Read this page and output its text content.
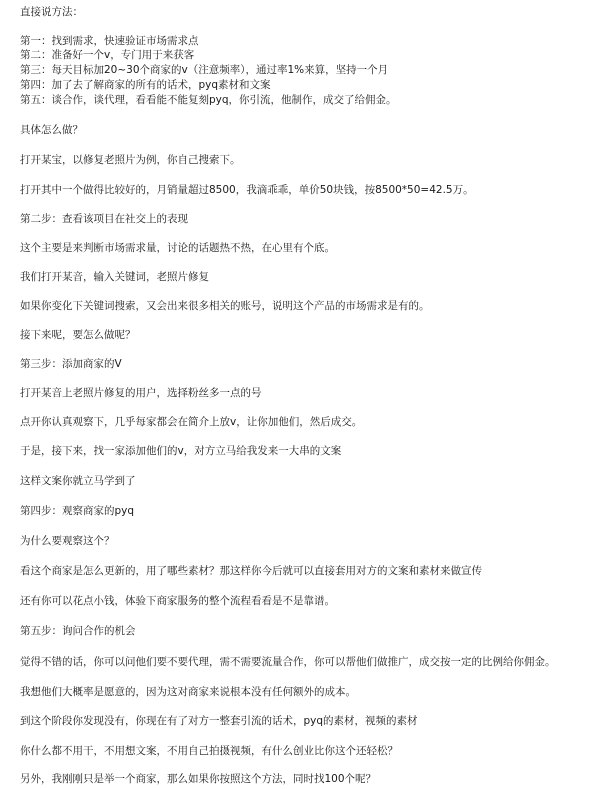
直接说方法：
第一：找到需求，快速验证市场需求点
第二：准备好一个v，专门用于来获客
第三：每天目标加20~30个商家的v（注意频率），通过率1%来算，坚持一个月
第四：加了去了解商家的所有的话术，pyq素材和文案
第五：谈合作，谈代理，看看能不能复刻pyq，你引流，他制作，成交了给佣金。
具体怎么做？
打开某宝，以修复老照片为例，你自己搜索下。
打开其中一个做得比较好的，月销量超过8500，我滴乖乖，单价50块钱，按8500*50=42.5万。
第二步：查看该项目在社交上的表现
这个主要是来判断市场需求量，讨论的话题热不热，在心里有个底。
我们打开某音，输入关键词，老照片修复
如果你变化下关键词搜索，又会出来很多相关的账号，说明这个产品的市场需求是有的。
接下来呢，要怎么做呢？
第三步：添加商家的V
打开某音上老照片修复的用户，选择粉丝多一点的号
点开你认真观察下，几乎每家都会在简介上放v，让你加他们，然后成交。
于是，接下来，找一家添加他们的v，对方立马给我发来一大串的文案
这样文案你就立马学到了
第四步：观察商家的pyq
为什么要观察这个？
看这个商家是怎么更新的，用了哪些素材？那这样你今后就可以直接套用对方的文案和素材来做宣传
还有你可以花点小钱，体验下商家服务的整个流程看看是不是靠谱。
第五步：询问合作的机会
觉得不错的话，你可以问他们要不要代理，需不需要流量合作，你可以帮他们做推广，成交按一定的比例给你佣金。
我想他们大概率是愿意的，因为这对商家来说根本没有任何额外的成本。
到这个阶段你发现没有，你现在有了对方一整套引流的话术，pyq的素材，视频的素材
你什么都不用干，不用想文案，不用自己拍摄视频，有什么创业比你这个还轻松？
另外，我刚刚只是举一个商家，那么如果你按照这个方法，同时找100个呢？
